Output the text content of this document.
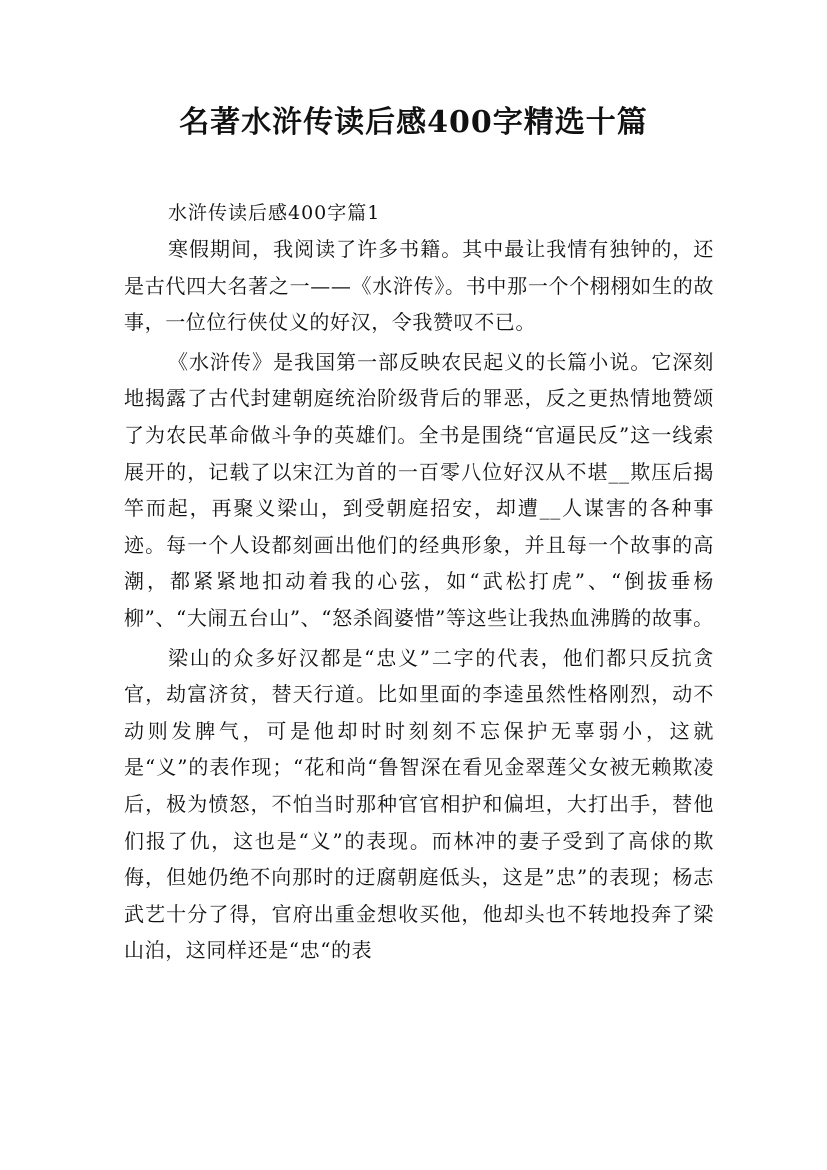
名著水浒传读后感400字精选十篇
水浒传读后感400字篇1

寒假期间，我阅读了许多书籍。其中最让我情有独钟的，还是古代四大名著之一——《水浒传》。书中那一个个栩栩如生的故事，一位位行侠仗义的好汉，令我赞叹不已。

《水浒传》是我国第一部反映农民起义的长篇小说。它深刻地揭露了古代封建朝庭统治阶级背后的罪恶，反之更热情地赞颂了为农民革命做斗争的英雄们。全书是围绕“官逼民反”这一线索展开的，记载了以宋江为首的一百零八位好汉从不堪__欺压后揭竿而起，再聚义梁山，到受朝庭招安，却遭__人谋害的各种事迹。每一个人设都刻画出他们的经典形象，并且每一个故事的高潮，都紧紧地扣动着我的心弦，如“武松打虎”、“倒拔垂杨柳”、“大闹五台山”、“怒杀阎婆惜”等这些让我热血沸腾的故事。

梁山的众多好汉都是“忠义”二字的代表，他们都只反抗贪官，劫富济贫，替天行道。比如里面的李逵虽然性格刚烈，动不动则发脾气，可是他却时时刻刻不忘保护无辜弱小，这就是“义”的表作现；“花和尚“鲁智深在看见金翠莲父女被无赖欺凌后，极为愤怒，不怕当时那种官官相护和偏坦，大打出手，替他们报了仇，这也是“义”的表现。而林冲的妻子受到了高俅的欺侮，但她仍绝不向那时的迂腐朝庭低头，这是”忠”的表现；杨志武艺十分了得，官府出重金想收买他，他却头也不转地投奔了梁山泊，这同样还是“忠“的表
